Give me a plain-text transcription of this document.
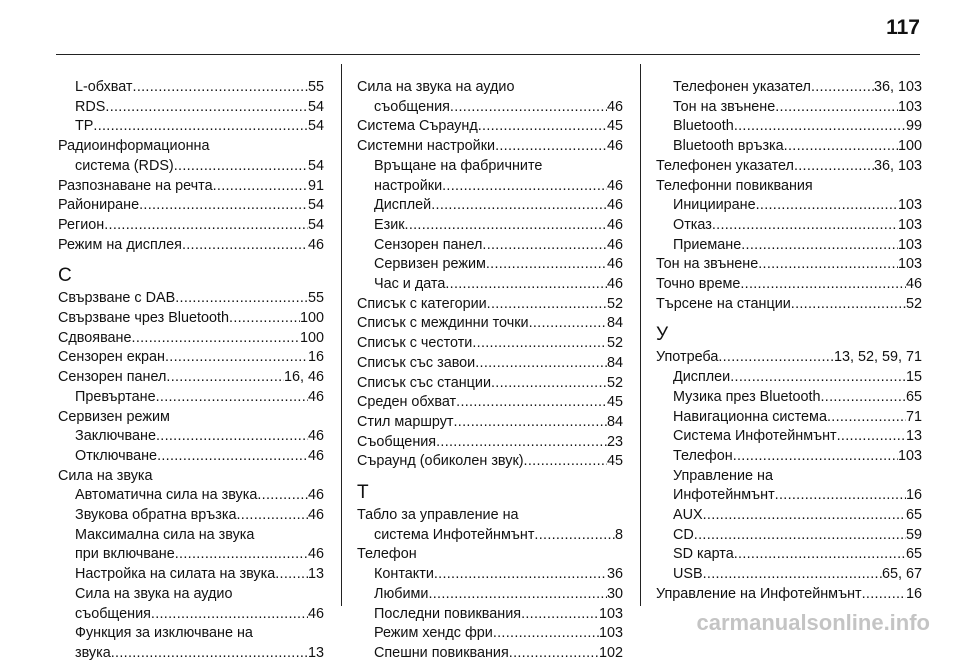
117
L-обхват .....	55
RDS .....	54
TP .....	54
Радиоинформационна
система (RDS) .....	54
Разпознаване на речта .....	91
Райониране .....	54
Регион .....	54
Режим на дисплея .....	46
С
Свързване с DAB .....	55
Свързване чрез Bluetooth .....	100
Сдвояване .....	100
Сензорен екран .....	16
Сензорен панел .....	16, 46
Превъртане .....	46
Сервизен режим
Заключване .....	46
Отключване .....	46
Сила на звука
Автоматична сила на звука .....	46
Звукова обратна връзка .....	46
Максимална сила на звука
при включване .....	46
Настройка на силата на звука ..... 13
Сила на звука на аудио
съобщения .....	46
Функция за изключване на
звука .....	13
Сила на звука на аудио
съобщения .....	46
Система Съраунд .....	45
Системни настройки .....	46
Връщане на фабричните
настройки .....	46
Дисплей .....	46
Език .....	46
Сензорен панел .....	46
Сервизен режим .....	46
Час и дата .....	46
Списък с категории .....	52
Списък с междинни точки .....	84
Списък с честоти .....	52
Списък със завои .....	84
Списък със станции .....	52
Среден обхват .....	45
Стил маршрут .....	84
Съобщения .....	23
Съраунд (обиколен звук) .....	45
Т
Табло за управление на
система Инфотейнмънт .....	8
Телефон
Контакти .....	36
Любими .....	30
Последни повиквания .....	103
Режим хендс фри .....	103
Спешни повиквания .....	102
Телефонен указател .....	36, 103
Тон на звънене .....	103
Bluetooth .....	99
Bluetooth връзка .....	100
Телефонен указател .....	36, 103
Телефонни повиквания
Иницииране .....	103
Отказ .....	103
Приемане .....	103
Тон на звънене .....	103
Точно време .....	46
Търсене на станции .....	52
У
Употреба .....	13, 52, 59, 71
Дисплеи .....	15
Музика през Bluetooth .....	65
Навигационна система .....	71
Система Инфотейнмънт .....	13
Телефон .....	103
Управление на
Инфотейнмънт .....	16
AUX .....	65
CD .....	59
SD карта .....	65
USB .....	65, 67
Управление на Инфотейнмънт .....	16
carmanualsonline.info
